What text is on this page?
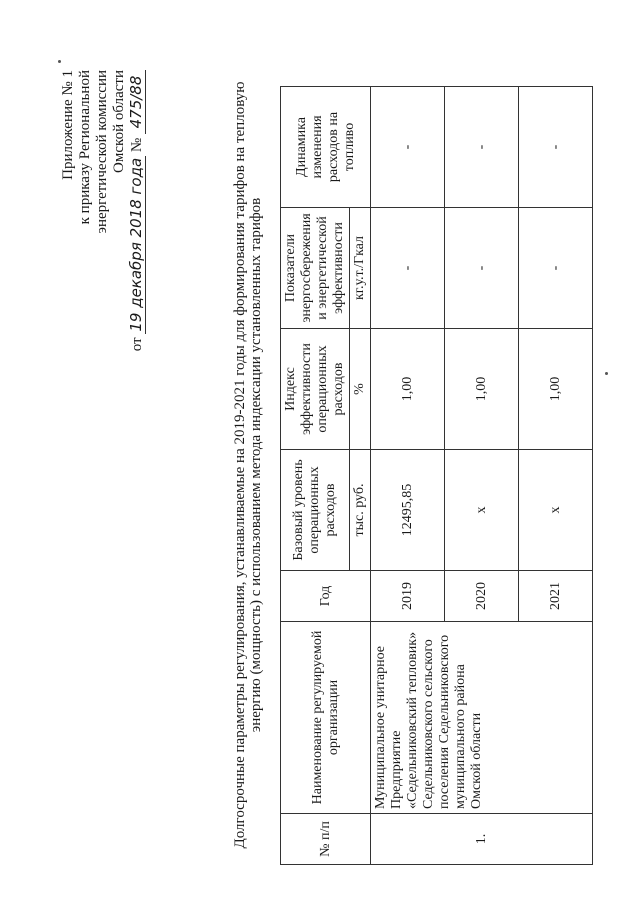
Приложение № 1 к приказу Региональной энергетической комиссии Омской области
от 19 декабря 2018 года № 475/88	Долгосрочные параметры регулирования, устанавливаемые на 2019-2021 годы для формирования тарифов на тепловую энергию (мощность) с использованием метода индексации установленных тарифов
№ п/п	Наименование регулируемой организации	Год	Базовый уровень операционных расходов	Индекс эффективности операционных расходов	Показатели энергосбережения и энергетической эффективности	Динамика изменения расходов на топливо
			тыс. руб.	%	кг.у.т./Гкал	
1.	Муниципальное унитарное Предприятие «Седельниковский тепловик» Седельниковского сельского поселения Седельниковского муниципального района Омской области	2019	12495,85	1,00	-	-
		2020	х	1,00	-	-
		2021	х	1,00	-	-
